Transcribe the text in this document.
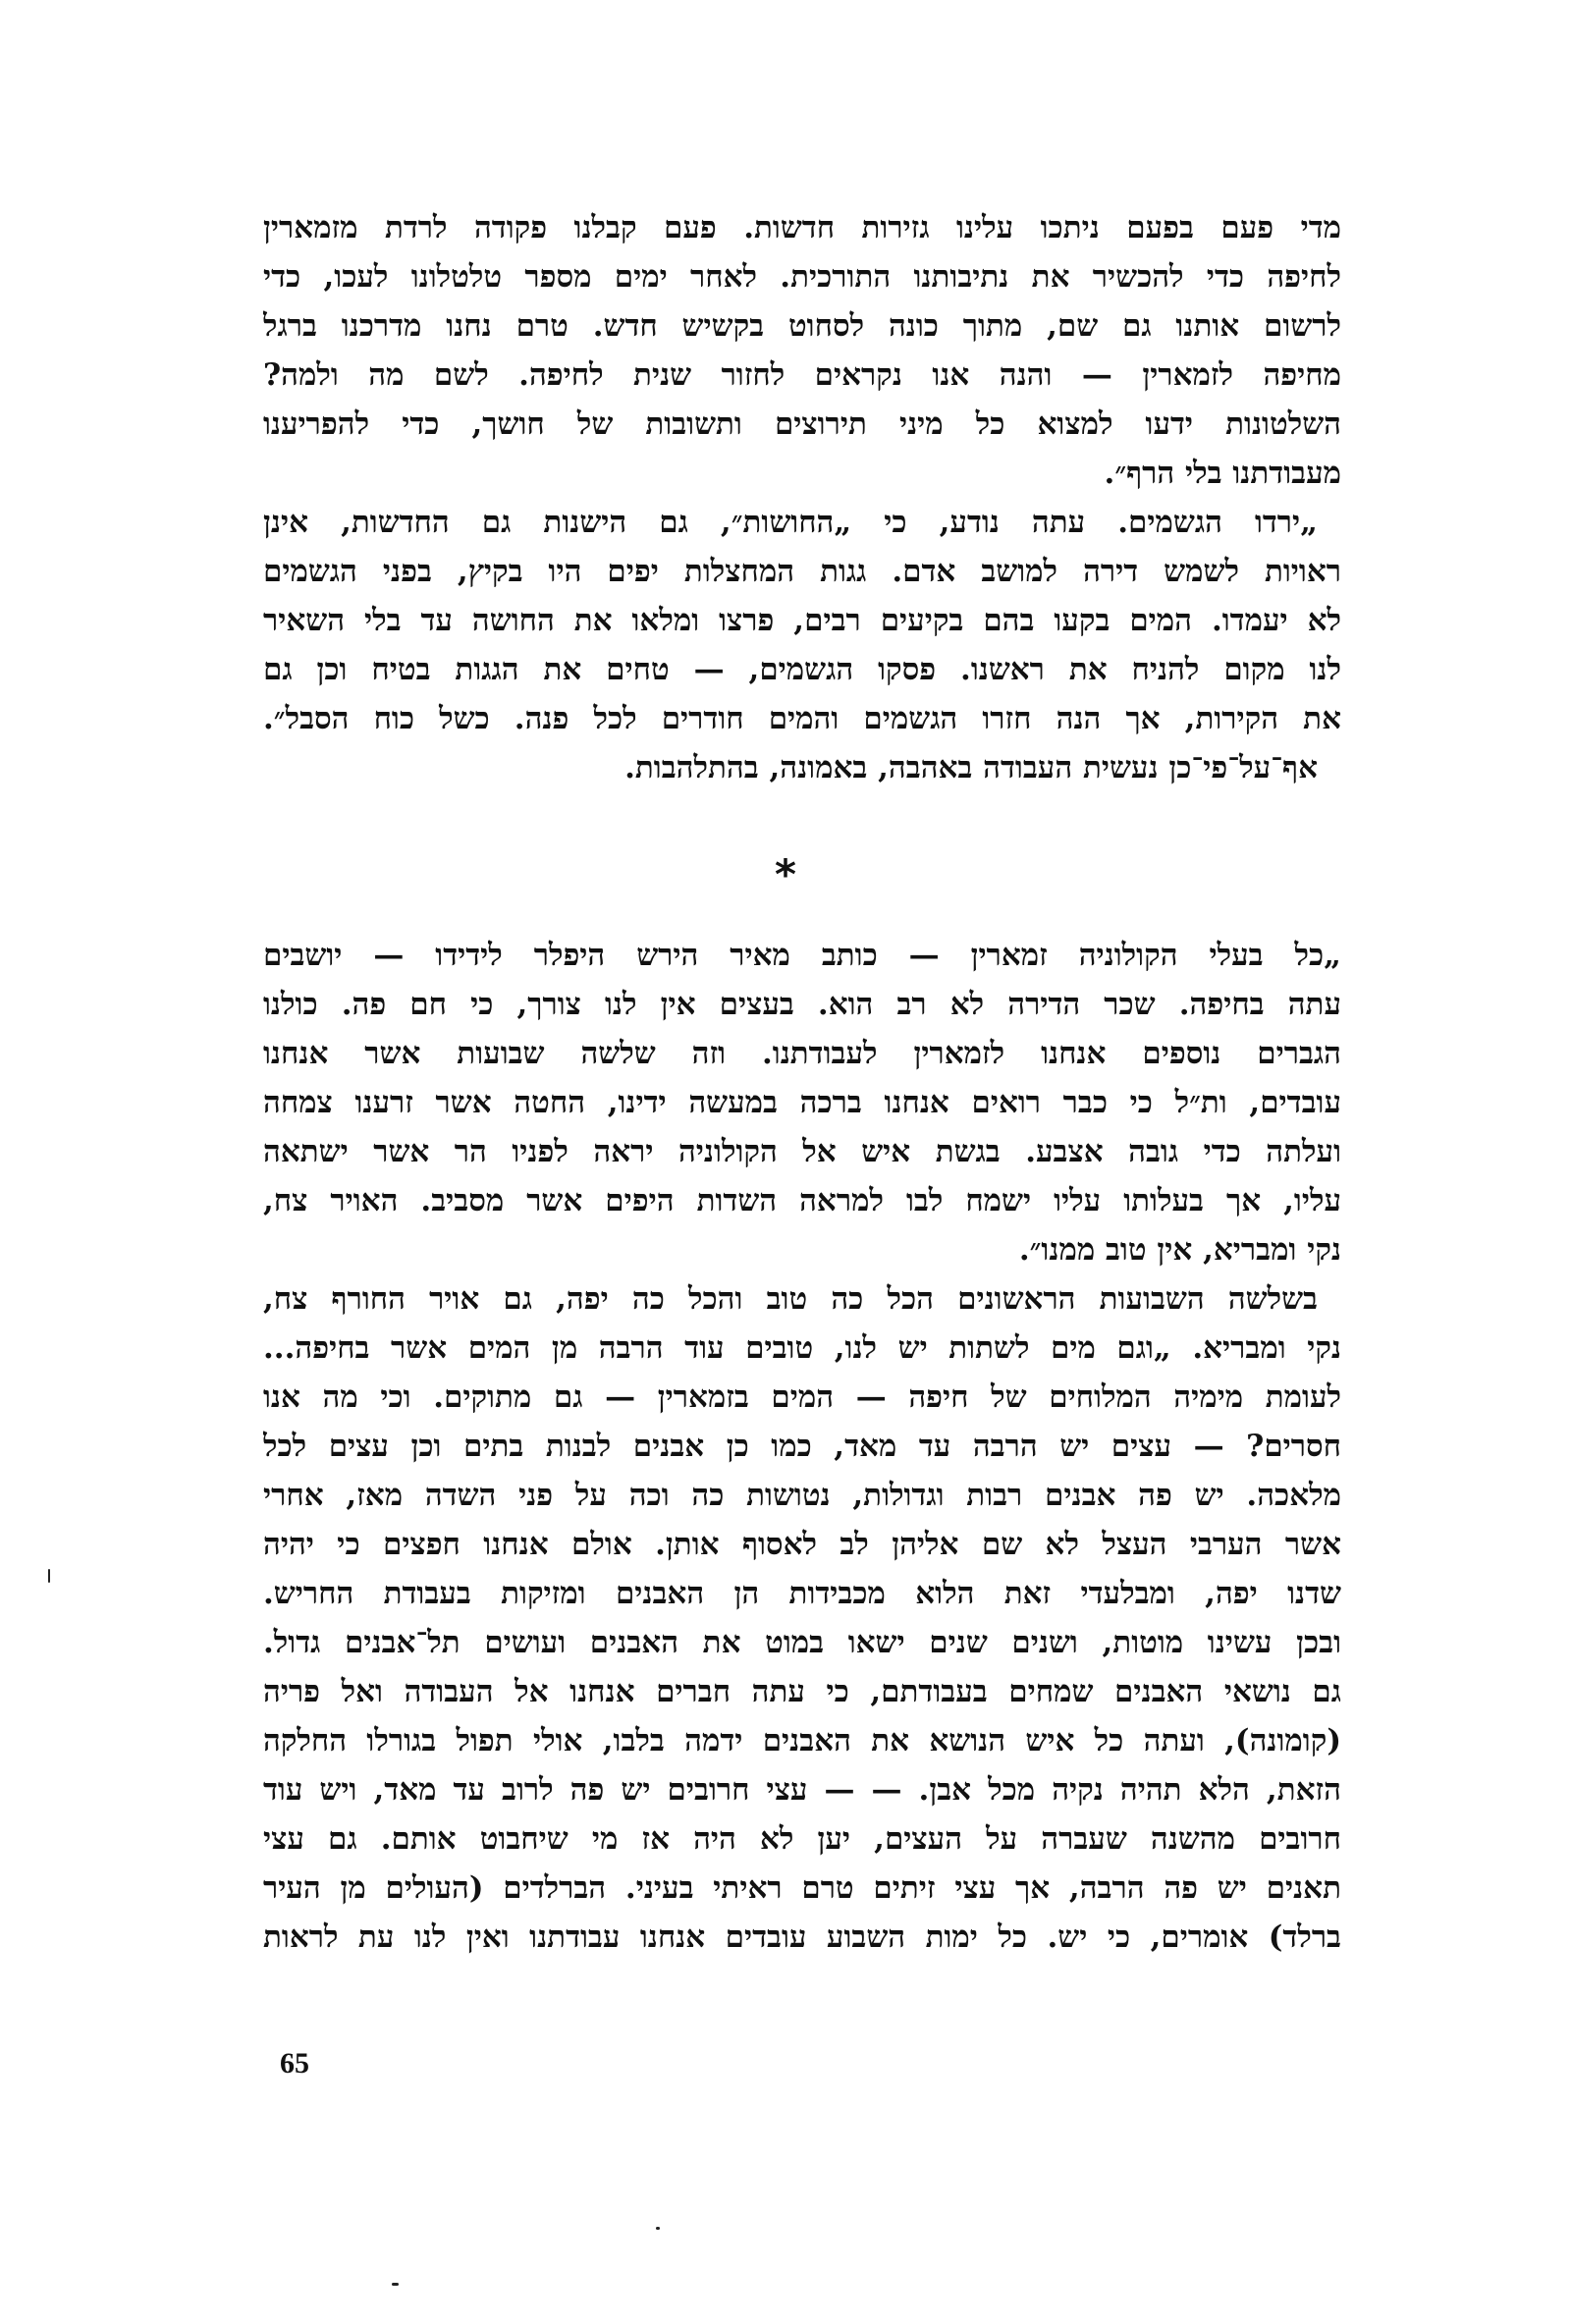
מדי פעם בפעם ניתכו עלינו גזירות חדשות. פעם קבלנו פקודה לרדת מזמארין
לחיפה כדי להכשיר את נתיבותנו התורכית. לאחר ימים מספר טלטלונו לעכו, כדי
לרשום אותנו גם שם, מתוך כונה לסחוט בקשיש חדש. טרם נחנו מדרכנו ברגל
מחיפה לזמארין — והנה אנו נקראים לחזור שנית לחיפה. לשם מה ולמה?
השלטונות ידעו למצוא כל מיני תירוצים ותשובות של חושך, כדי להפריענו
מעבודתנו בלי הרף״.
„ירדו הגשמים. עתה נודע, כי „החושות״, גם הישנות גם החדשות, אינן
ראויות לשמש דירה למושב אדם. גגות המחצלות יפים היו בקיץ, בפני הגשמים
לא יעמדו. המים בקעו בהם בקיעים רבים, פרצו ומלאו את החושה עד בלי השאיר
לנו מקום להניח את ראשנו. פסקו הגשמים, — טחים את הגגות בטיח וכן גם
את הקירות, אך הנה חזרו הגשמים והמים חודרים לכל פנה. כשל כוח הסבל״.
אף־על־פי־כן נעשית העבודה באהבה, באמונה, בהתלהבות.
*
„כל בעלי הקולוניה זמארין — כותב מאיר הירש היפלר לידידו — יושבים
עתה בחיפה. שכר הדירה לא רב הוא. בעצים אין לנו צורך, כי חם פה. כולנו
הגברים נוספים אנחנו לזמארין לעבודתנו. וזה שלשה שבועות אשר אנחנו
עובדים, ות״ל כי כבר רואים אנחנו ברכה במעשה ידינו, החטה אשר זרענו צמחה
ועלתה כדי גובה אצבע. בגשת איש אל הקולוניה יראה לפניו הר אשר ישתאה
עליו, אך בעלותו עליו ישמח לבו למראה השדות היפים אשר מסביב. האויר צח,
נקי ומבריא, אין טוב ממנו״.
בשלשה השבועות הראשונים הכל כה טוב והכל כה יפה, גם אויר החורף צח,
נקי ומבריא. „וגם מים לשתות יש לנו, טובים עוד הרבה מן המים אשר בחיפה...
לעומת מימיה המלוחים של חיפה — המים בזמארין — גם מתוקים. וכי מה אנו
חסרים? — עצים יש הרבה עד מאד, כמו כן אבנים לבנות בתים וכן עצים לכל
מלאכה. יש פה אבנים רבות וגדולות, נטושות כה וכה על פני השדה מאז, אחרי
אשר הערבי העצל לא שם אליהן לב לאסוף אותן. אולם אנחנו חפצים כי יהיה
שדנו יפה, ומבלעדי זאת הלוא מכבידות הן האבנים ומזיקות בעבודת החריש.
ובכן עשינו מוטות, ושנים שנים ישאו במוט את האבנים ועושים תל־אבנים גדול.
גם נושאי האבנים שמחים בעבודתם, כי עתה חברים אנחנו אל העבודה ואל פריה
(קומונה), ועתה כל איש הנושא את האבנים ידמה בלבו, אולי תפול בגורלו החלקה
הזאת, הלא תהיה נקיה מכל אבן. — — עצי חרובים יש פה לרוב עד מאד, ויש עוד
חרובים מהשנה שעברה על העצים, יען לא היה אז מי שיחבוט אותם. גם עצי
תאנים יש פה הרבה, אך עצי זיתים טרם ראיתי בעיני. הברלדים (העולים מן העיר
ברלד) אומרים, כי יש. כל ימות השבוע עובדים אנחנו עבודתנו ואין לנו עת לראות
65
